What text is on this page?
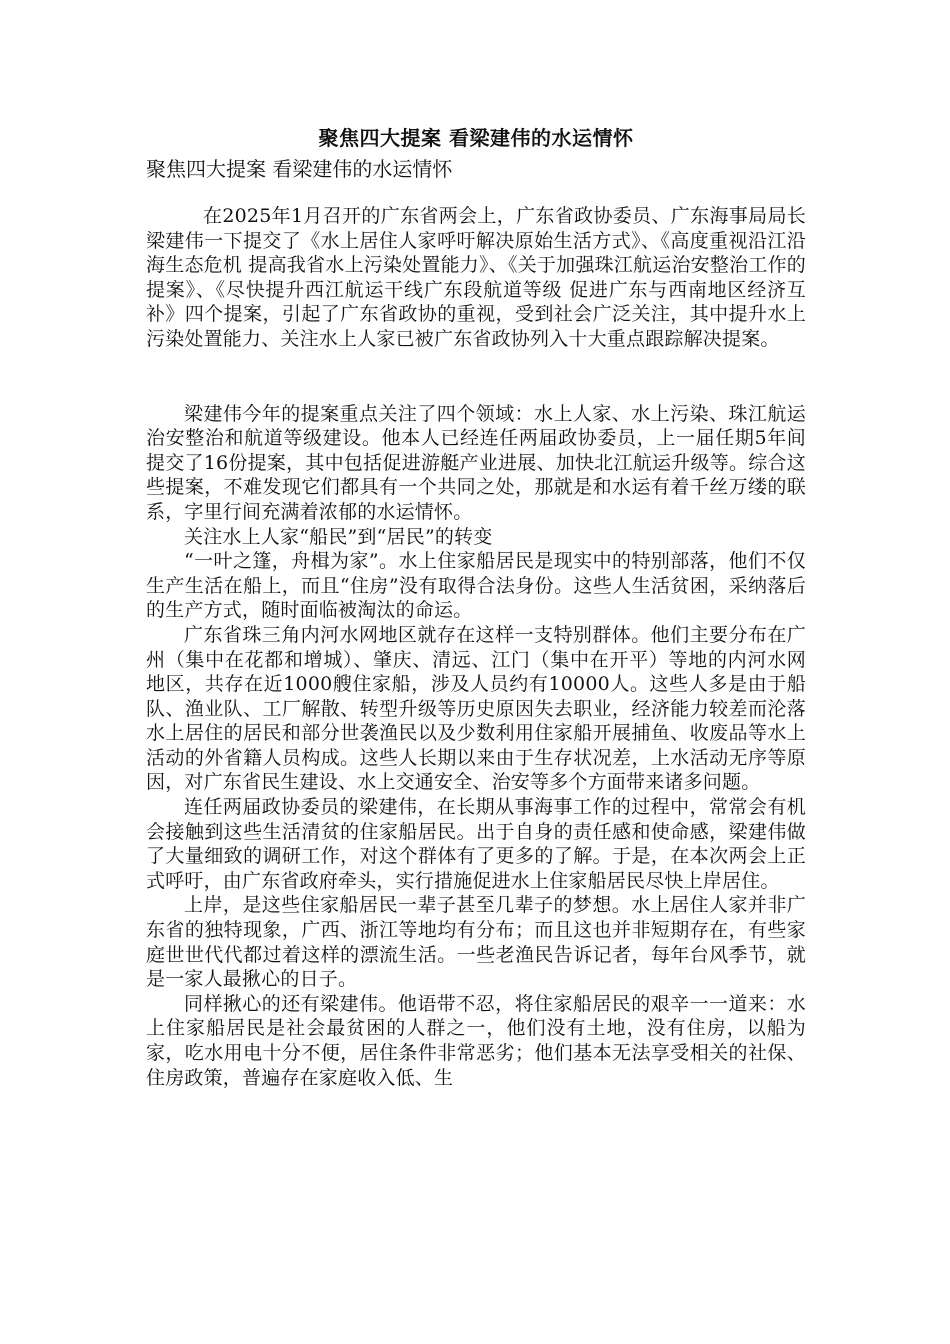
聚焦四大提案 看梁建伟的水运情怀
聚焦四大提案 看梁建伟的水运情怀

在2025年1月召开的广东省两会上，广东省政协委员、广东海事局局长梁建伟一下提交了《水上居住人家呼吁解决原始生活方式》、《高度重视沿江沿海生态危机 提高我省水上污染处置能力》、《关于加强珠江航运治安整治工作的提案》、《尽快提升西江航运干线广东段航道等级 促进广东与西南地区经济互补》四个提案，引起了广东省政协的重视，受到社会广泛关注，其中提升水上污染处置能力、关注水上人家已被广东省政协列入十大重点跟踪解决提案。

梁建伟今年的提案重点关注了四个领域：水上人家、水上污染、珠江航运治安整治和航道等级建设。他本人已经连任两届政协委员，上一届任期5年间提交了16份提案，其中包括促进游艇产业进展、加快北江航运升级等。综合这些提案，不难发现它们都具有一个共同之处，那就是和水运有着千丝万缕的联系，字里行间充满着浓郁的水运情怀。

关注水上人家“船民”到“居民”的转变

“一叶之篷，舟楫为家”。水上住家船居民是现实中的特别部落，他们不仅生产生活在船上，而且“住房”没有取得合法身份。这些人生活贫困，采纳落后的生产方式，随时面临被淘汰的命运。

广东省珠三角内河水网地区就存在这样一支特别群体。他们主要分布在广州（集中在花都和增城）、肇庆、清远、江门（集中在开平）等地的内河水网地区，共存在近1000艘住家船，涉及人员约有10000人。这些人多是由于船队、渔业队、工厂解散、转型升级等历史原因失去职业，经济能力较差而沦落水上居住的居民和部分世袭渔民以及少数利用住家船开展捕鱼、收废品等水上活动的外省籍人员构成。这些人长期以来由于生存状况差，上水活动无序等原因，对广东省民生建设、水上交通安全、治安等多个方面带来诸多问题。

连任两届政协委员的梁建伟，在长期从事海事工作的过程中，常常会有机会接触到这些生活清贫的住家船居民。出于自身的责任感和使命感，梁建伟做了大量细致的调研工作，对这个群体有了更多的了解。于是，在本次两会上正式呼吁，由广东省政府牵头，实行措施促进水上住家船居民尽快上岸居住。

上岸，是这些住家船居民一辈子甚至几辈子的梦想。水上居住人家并非广东省的独特现象，广西、浙江等地均有分布；而且这也并非短期存在，有些家庭世世代代都过着这样的漂流生活。一些老渔民告诉记者，每年台风季节，就是一家人最揪心的日子。

同样揪心的还有梁建伟。他语带不忍，将住家船居民的艰辛一一道来：水上住家船居民是社会最贫困的人群之一，他们没有土地，没有住房，以船为家，吃水用电十分不便，居住条件非常恶劣；他们基本无法享受相关的社保、住房政策，普遍存在家庭收入低、生
